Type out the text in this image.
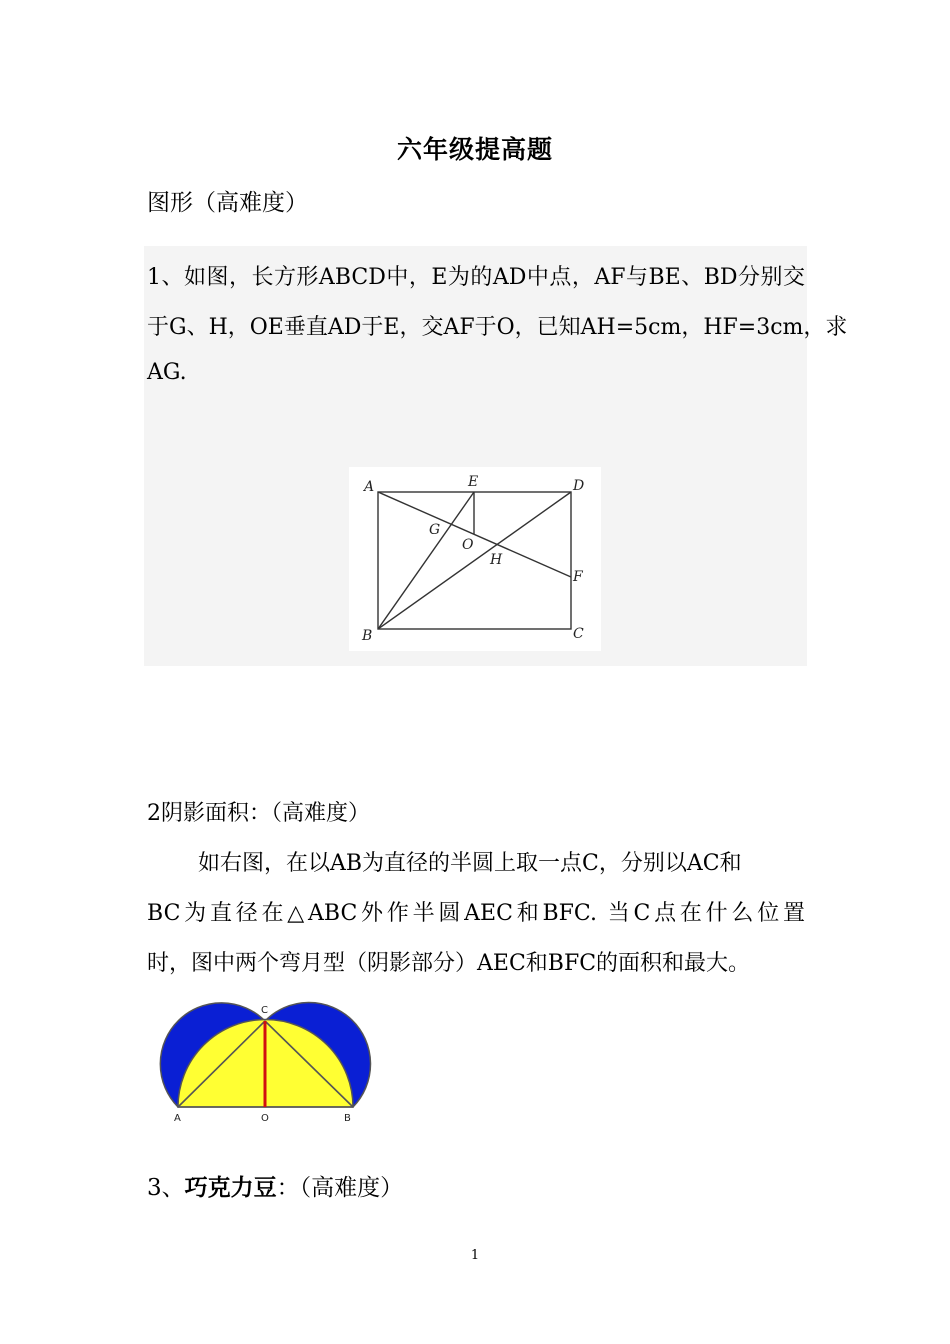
六年级提高题
图形（高难度）
1、如图，长方形ABCD中，E为的AD中点，AF与BE、BD分别交
于G、H，OE垂直AD于E，交AF于O，已知AH=5cm，HF=3cm，求
AG.
A	E	D
G
O
H
F
B	C
2阴影面积：（高难度）
如右图，在以AB为直径的半圆上取一点C，分别以AC和
BC为直径在△ABC外作半圆AEC和BFC. 当C点在什么位置
时，图中两个弯月型（阴影部分）AEC和BFC的面积和最大。
C
A	O	B
3、巧克力豆：（高难度）
1
